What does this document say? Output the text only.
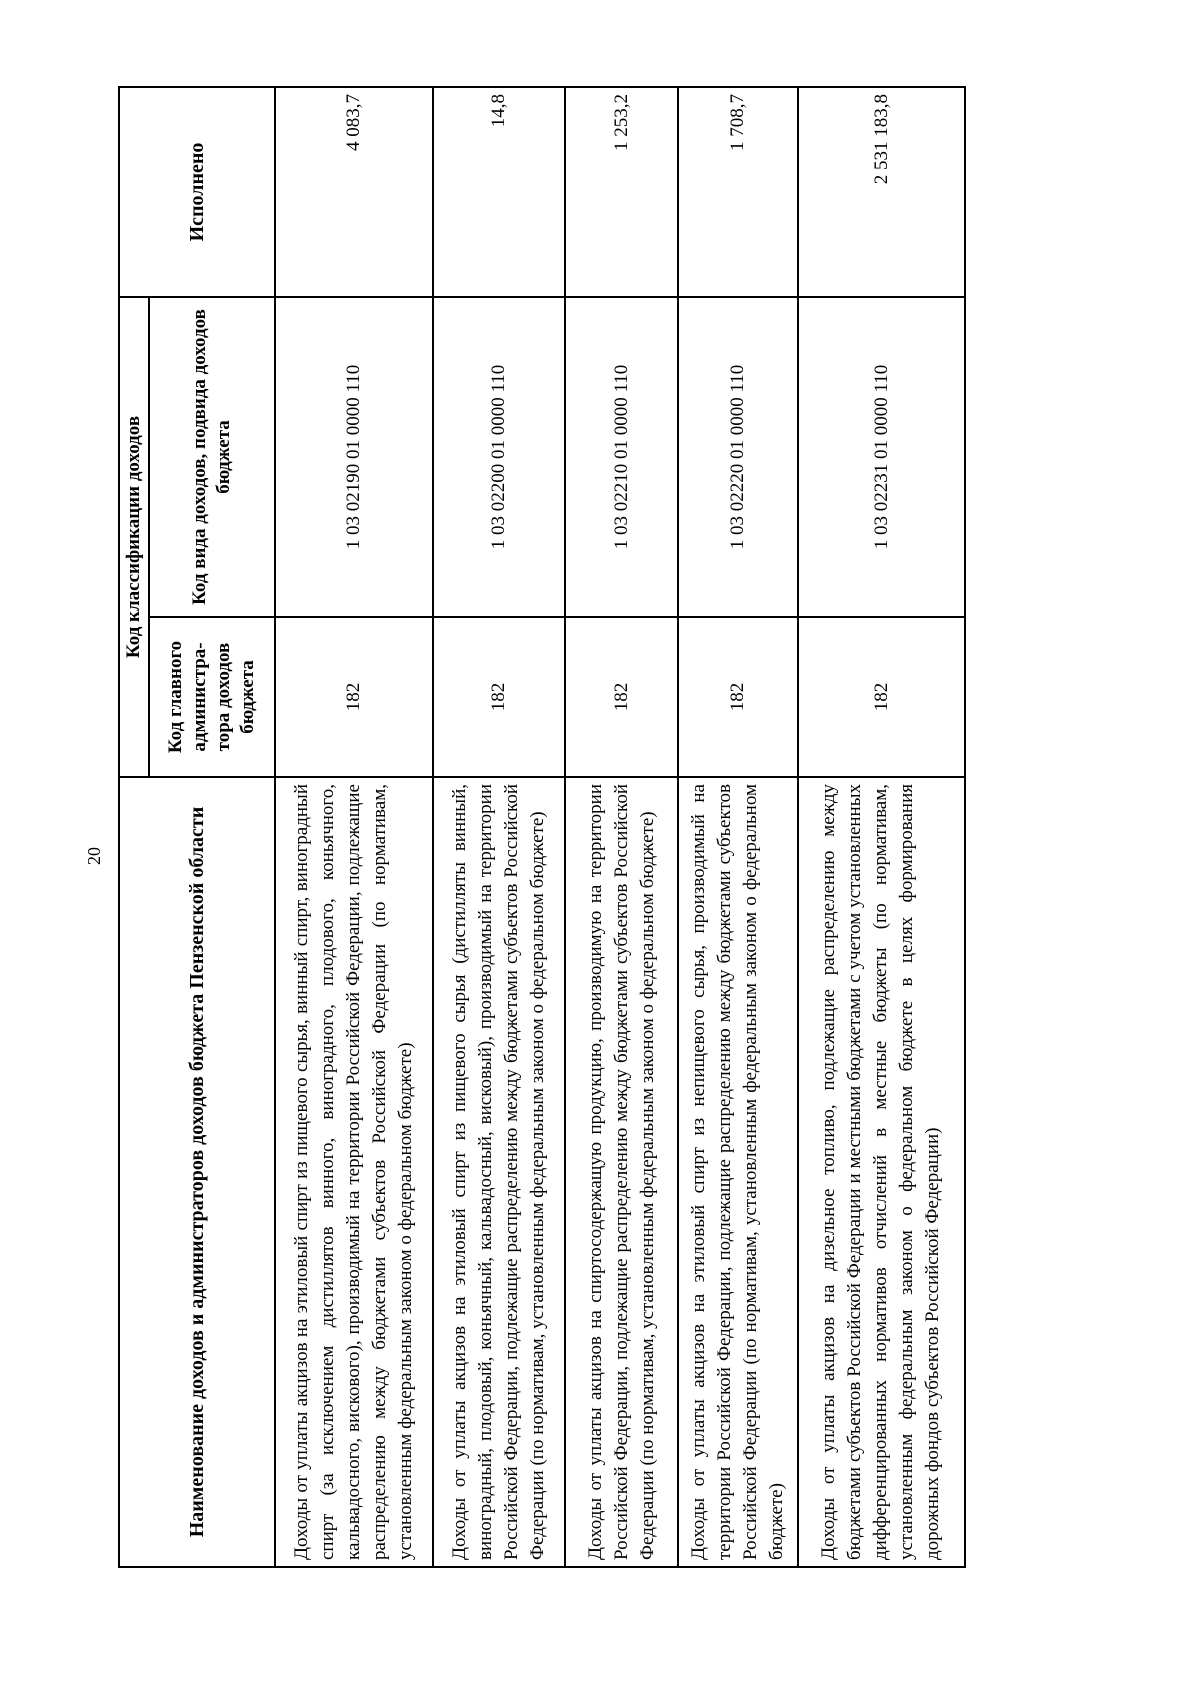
20	Наименование доходов и администраторов доходов бюджета Пензенской области	Код классификации доходов		Исполнено
	Код главного администра-тора доходов бюджета	Код вида доходов, подвида доходов бюджета	
Доходы от уплаты акцизов на этиловый спирт из пищевого сырья, винный спирт, виноградный спирт (за исключением дистиллятов винного, виноградного, плодового, коньячного, кальвадосного, вискового), производимый на территории Российской Федерации, подлежащие распределению между бюджетами субъектов Российской Федерации (по нормативам, установленным федеральным законом о федеральном бюджете)	182	1 03 02190 01 0000 110	4 083,7
Доходы от уплаты акцизов на этиловый спирт из пищевого сырья (дистилляты винный, виноградный, плодовый, коньячный, кальвадосный, висковый), производимый на территории Российской Федерации, подлежащие распределению между бюджетами субъектов Российской Федерации (по нормативам, установленным федеральным законом о федеральном бюджете)	182	1 03 02200 01 0000 110	14,8
Доходы от уплаты акцизов на спиртосодержащую продукцию, производимую на территории Российской Федерации, подлежащие распределению между бюджетами субъектов Российской Федерации (по нормативам, установленным федеральным законом о федеральном бюджете)	182	1 03 02210 01 0000 110	1 253,2
Доходы от уплаты акцизов на этиловый спирт из непищевого сырья, производимый на территории Российской Федерации, подлежащие распределению между бюджетами субъектов Российской Федерации (по нормативам, установленным федеральным законом о федеральном бюджете)	182	1 03 02220 01 0000 110	1 708,7
Доходы от уплаты акцизов на дизельное топливо, подлежащие распределению между бюджетами субъектов Российской Федерации и местными бюджетами с учетом установленных дифференцированных нормативов отчислений в местные бюджеты (по нормативам, установленным федеральным законом о федеральном бюджете в целях формирования дорожных фондов субъектов Российской Федерации)	182	1 03 02231 01 0000 110	2 531 183,8
